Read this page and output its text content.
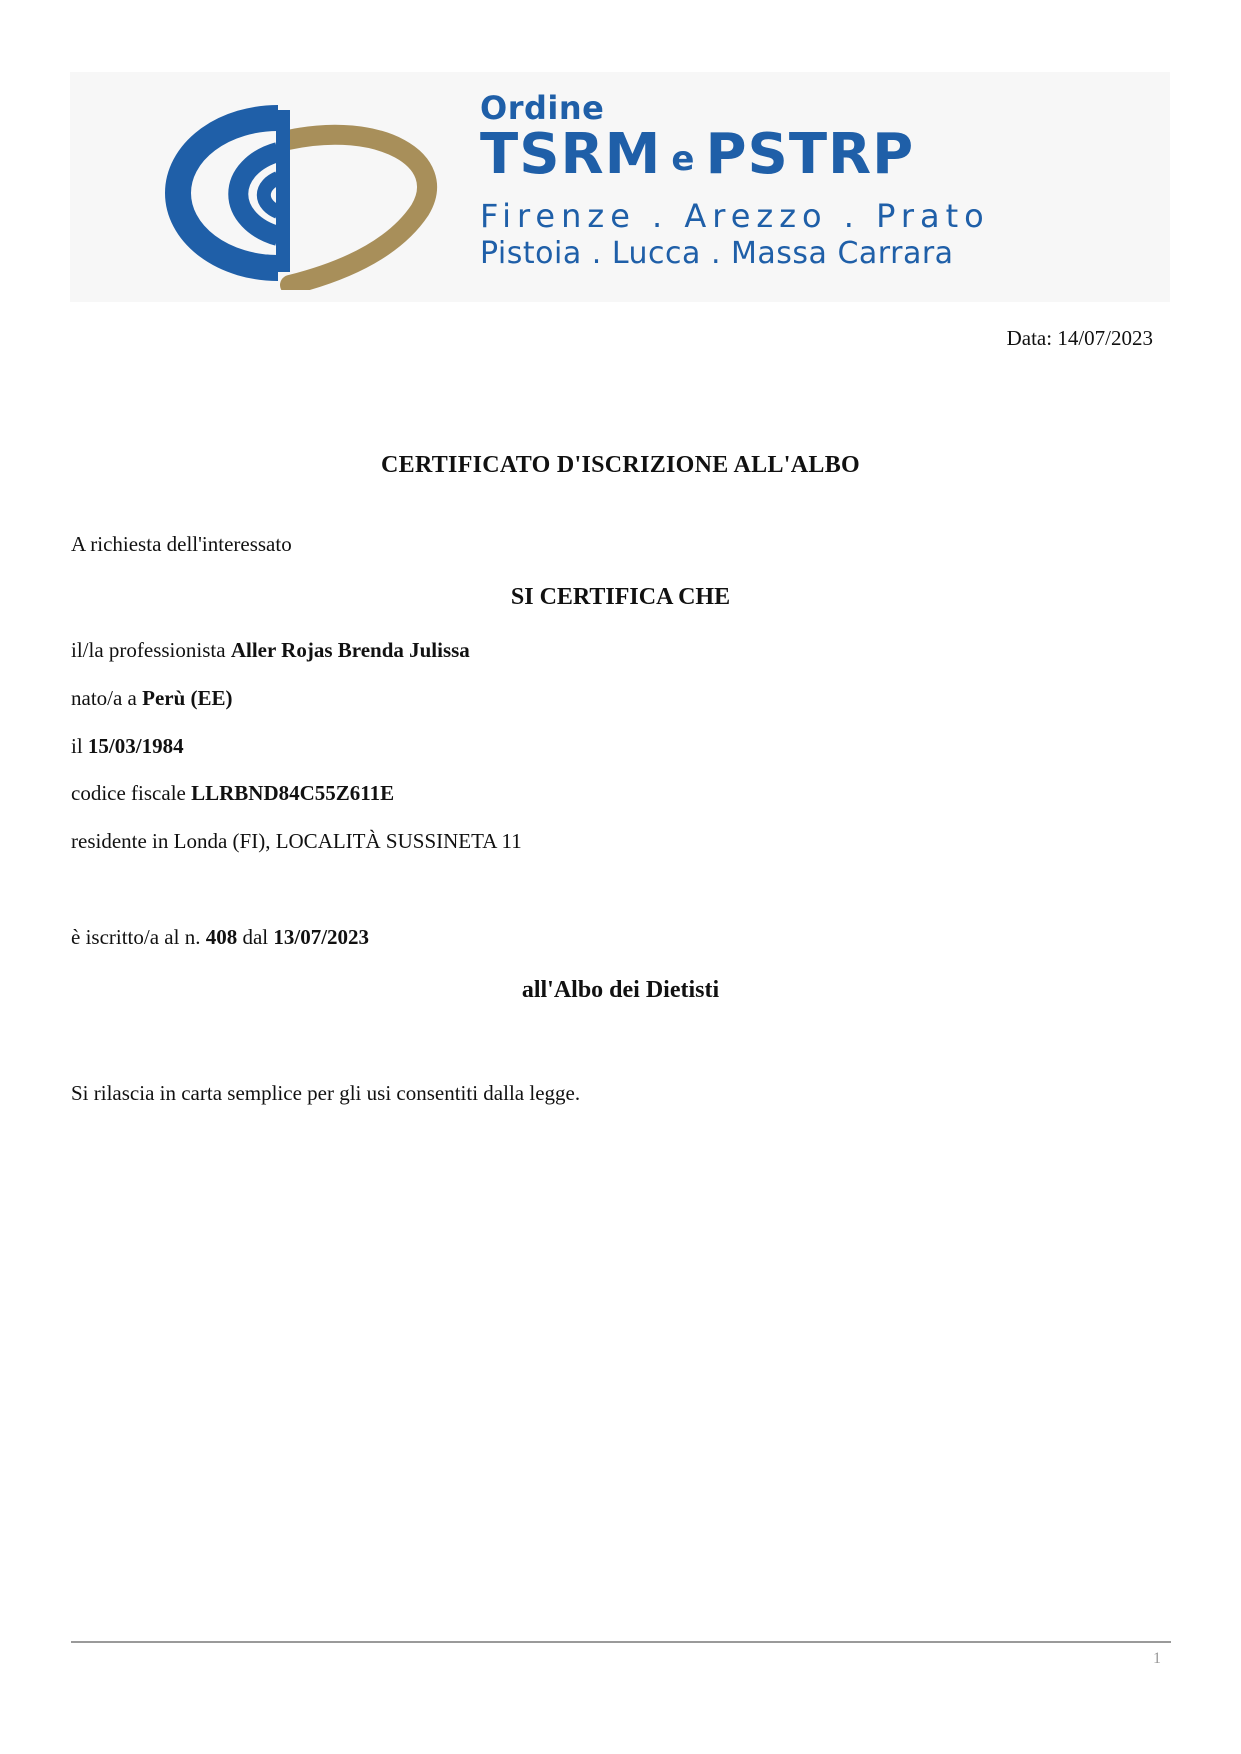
Ordine
TSRM e PSTRP
Firenze . Arezzo . Prato
Pistoia . Lucca . Massa Carrara
Data: 14/07/2023
CERTIFICATO D'ISCRIZIONE ALL'ALBO
A richiesta dell'interessato
SI CERTIFICA CHE
il/la professionista Aller Rojas Brenda Julissa
nato/a a Perù (EE)
il 15/03/1984
codice fiscale LLRBND84C55Z611E
residente in Londa (FI), LOCALITÀ SUSSINETA 11
è iscritto/a al n. 408 dal 13/07/2023
all'Albo dei Dietisti
Si rilascia in carta semplice per gli usi consentiti dalla legge.
1
